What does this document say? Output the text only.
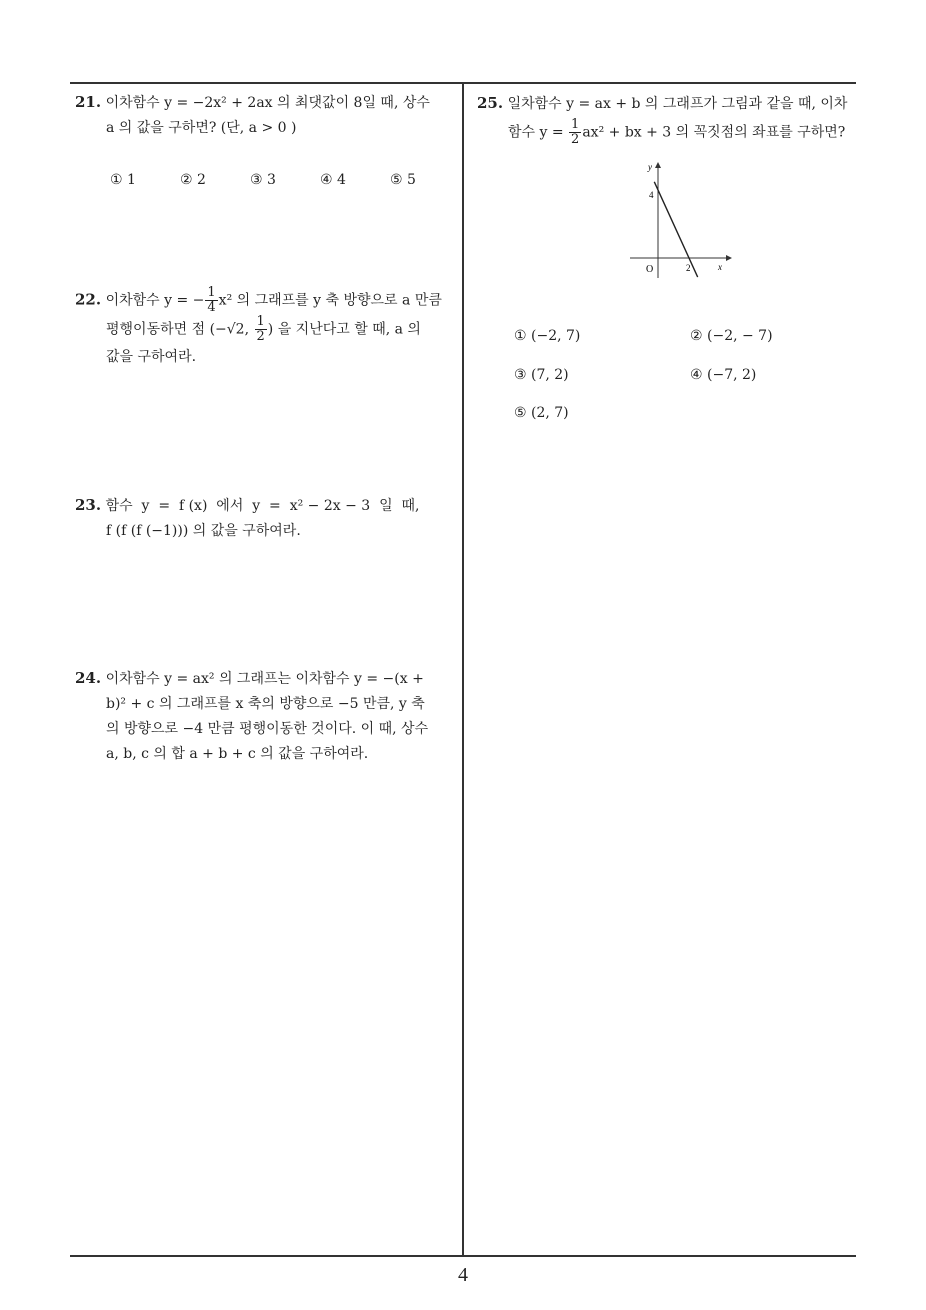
21. 이차함수 y = −2x² + 2ax 의 최댓값이 8일 때, 상수
a 의 값을 구하면? (단, a > 0 )
① 1	② 2	③ 3	④ 4	⑤ 5
22. 이차함수 y = − $\frac{1}{4} x^2$ 의 그래프를 y 축 방향으로 a 만큼
평행이동하면 점 (−√2, $\frac{1}{2}$ ) 을 지난다고 할 때, a 의
값을 구하여라.
23. 함수  y  =  f (x)  에서  y  =  x² − 2x − 3  일  때,
f (f (f (−1))) 의 값을 구하여라.
24. 이차함수 y = ax² 의 그래프는 이차함수 y = −(x +
b)² + c 의 그래프를 x 축의 방향으로 −5 만큼, y 축
의 방향으로 −4 만큼 평행이동한 것이다. 이 때, 상수
a, b, c 의 합 a + b + c 의 값을 구하여라.
25. 일차함수 y = ax + b 의 그래프가 그림과 같을 때, 이차
함수 $y = \frac{1}{2} ax^2$ + bx + 3 의 꼭짓점의 좌표를 구하면?
y
x
O
4
2
① (−2, 7)	② (−2, − 7)
③ (7, 2)	④ (−7, 2)
⑤ (2, 7)
4
